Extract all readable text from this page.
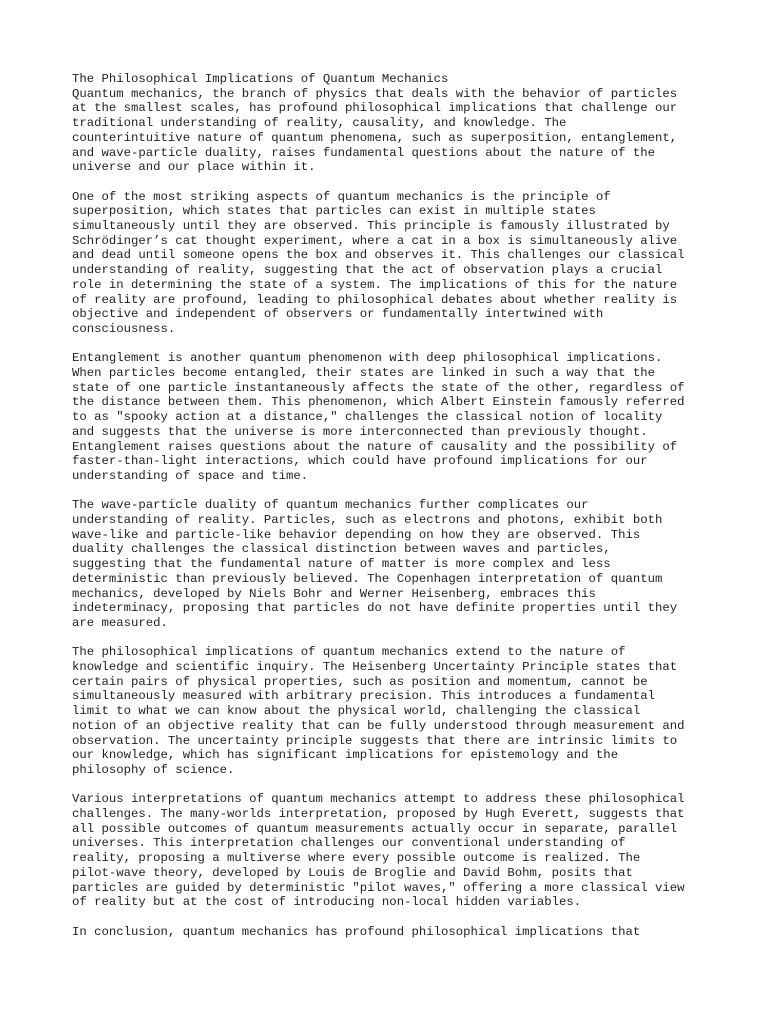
The Philosophical Implications of Quantum Mechanics

Quantum mechanics, the branch of physics that deals with the behavior of particles
at the smallest scales, has profound philosophical implications that challenge our
traditional understanding of reality, causality, and knowledge. The
counterintuitive nature of quantum phenomena, such as superposition, entanglement,
and wave-particle duality, raises fundamental questions about the nature of the
universe and our place within it.

One of the most striking aspects of quantum mechanics is the principle of
superposition, which states that particles can exist in multiple states
simultaneously until they are observed. This principle is famously illustrated by
Schrödinger’s cat thought experiment, where a cat in a box is simultaneously alive
and dead until someone opens the box and observes it. This challenges our classical
understanding of reality, suggesting that the act of observation plays a crucial
role in determining the state of a system. The implications of this for the nature
of reality are profound, leading to philosophical debates about whether reality is
objective and independent of observers or fundamentally intertwined with
consciousness.

Entanglement is another quantum phenomenon with deep philosophical implications.
When particles become entangled, their states are linked in such a way that the
state of one particle instantaneously affects the state of the other, regardless of
the distance between them. This phenomenon, which Albert Einstein famously referred
to as "spooky action at a distance," challenges the classical notion of locality
and suggests that the universe is more interconnected than previously thought.
Entanglement raises questions about the nature of causality and the possibility of
faster-than-light interactions, which could have profound implications for our
understanding of space and time.

The wave-particle duality of quantum mechanics further complicates our
understanding of reality. Particles, such as electrons and photons, exhibit both
wave-like and particle-like behavior depending on how they are observed. This
duality challenges the classical distinction between waves and particles,
suggesting that the fundamental nature of matter is more complex and less
deterministic than previously believed. The Copenhagen interpretation of quantum
mechanics, developed by Niels Bohr and Werner Heisenberg, embraces this
indeterminacy, proposing that particles do not have definite properties until they
are measured.

The philosophical implications of quantum mechanics extend to the nature of
knowledge and scientific inquiry. The Heisenberg Uncertainty Principle states that
certain pairs of physical properties, such as position and momentum, cannot be
simultaneously measured with arbitrary precision. This introduces a fundamental
limit to what we can know about the physical world, challenging the classical
notion of an objective reality that can be fully understood through measurement and
observation. The uncertainty principle suggests that there are intrinsic limits to
our knowledge, which has significant implications for epistemology and the
philosophy of science.

Various interpretations of quantum mechanics attempt to address these philosophical
challenges. The many-worlds interpretation, proposed by Hugh Everett, suggests that
all possible outcomes of quantum measurements actually occur in separate, parallel
universes. This interpretation challenges our conventional understanding of
reality, proposing a multiverse where every possible outcome is realized. The
pilot-wave theory, developed by Louis de Broglie and David Bohm, posits that
particles are guided by deterministic "pilot waves," offering a more classical view
of reality but at the cost of introducing non-local hidden variables.

In conclusion, quantum mechanics has profound philosophical implications that
